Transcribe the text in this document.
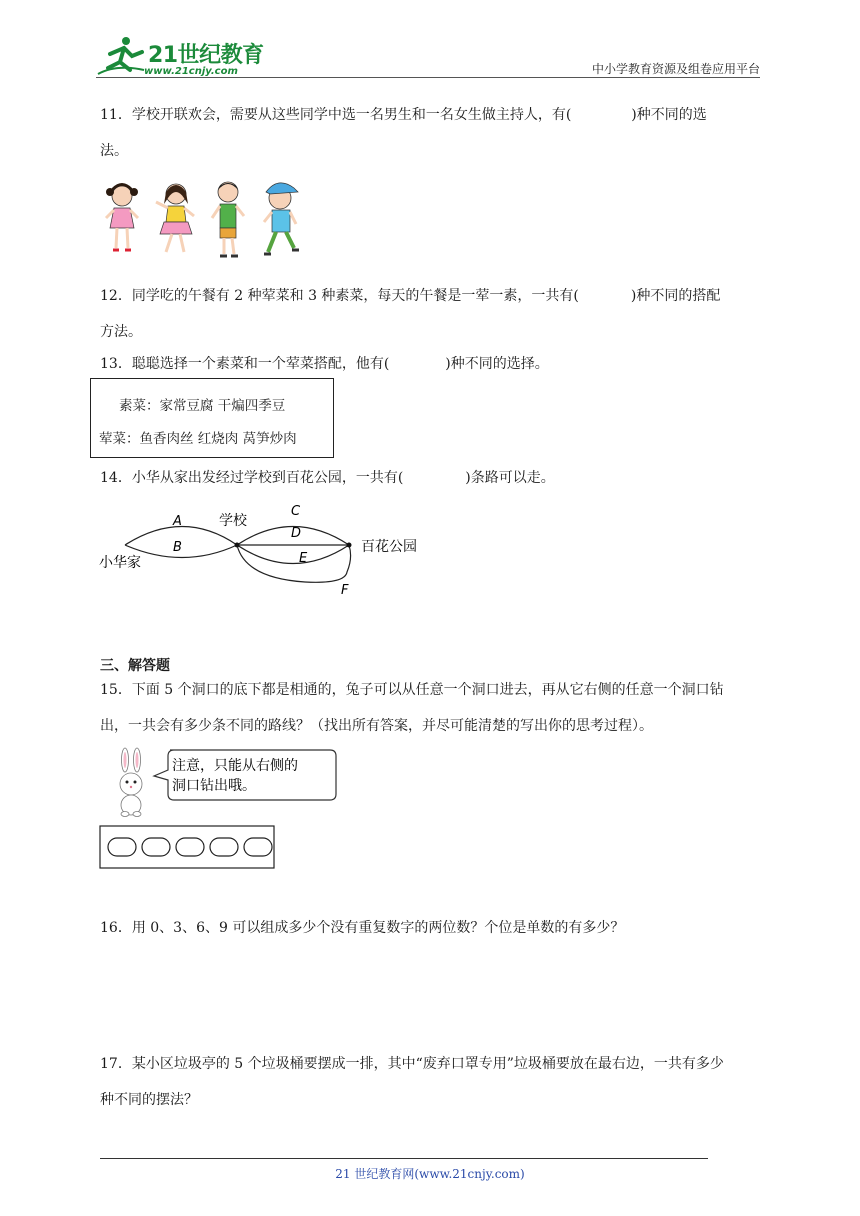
21世纪教育
www.21cnjy.com	中小学教育资源及组卷应用平台
11．学校开联欢会，需要从这些同学中选一名男生和一名女生做主持人，有(	)种不同的选
法。
12．同学吃的午餐有 2 种荤菜和 3 种素菜，每天的午餐是一荤一素，一共有(	)种不同的搭配
方法。
13．聪聪选择一个素菜和一个荤菜搭配，他有(	)种不同的选择。
素菜：家常豆腐 干煸四季豆
荤菜：鱼香肉丝 红烧肉 莴笋炒肉
14．小华从家出发经过学校到百花公园，一共有(	)条路可以走。
A
B
C
D
E
F
学校
小华家
百花公园
三、解答题
15．下面 5 个洞口的底下都是相通的，兔子可以从任意一个洞口进去，再从它右侧的任意一个洞口钻
出，一共会有多少条不同的路线？（找出所有答案，并尽可能清楚的写出你的思考过程）。
注意，只能从右侧的
洞口钻出哦。
16．用 0、3、6、9 可以组成多少个没有重复数字的两位数？个位是单数的有多少？
17．某小区垃圾亭的 5 个垃圾桶要摆成一排，其中“废弃口罩专用”垃圾桶要放在最右边，一共有多少
种不同的摆法？
21 世纪教育网(www.21cnjy.com)
